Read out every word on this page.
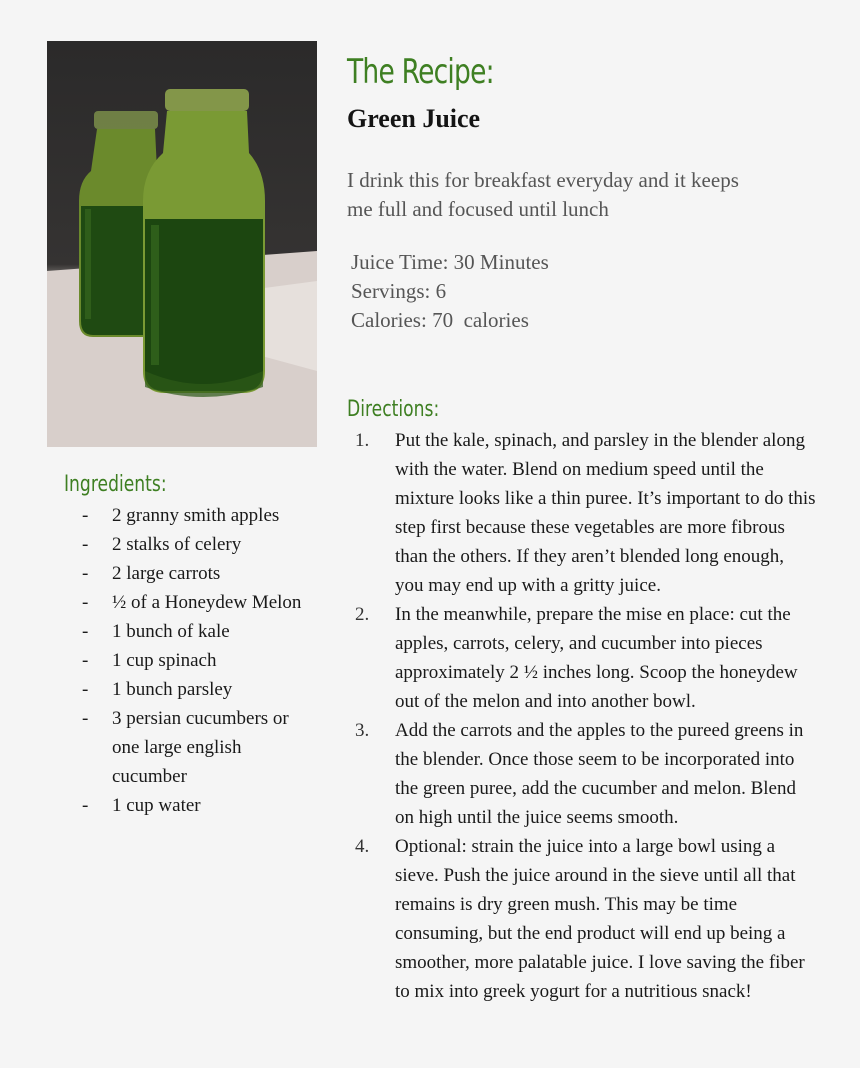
The Recipe:
Green Juice

I drink this for breakfast everyday and it keeps me full and focused until lunch

Juice Time: 30 Minutes
Servings: 6
Calories: 70  calories
Ingredients:
- 2 granny smith apples
- 2 stalks of celery
- 2 large carrots
- ½ of a Honeydew Melon
- 1 bunch of kale
- 1 cup spinach
- 1 bunch parsley
- 3 persian cucumbers or one large english cucumber
- 1 cup water
Directions:
1. Put the kale, spinach, and parsley in the blender along with the water. Blend on medium speed until the mixture looks like a thin puree. It’s important to do this step first because these vegetables are more fibrous than the others. If they aren’t blended long enough, you may end up with a gritty juice.
2. In the meanwhile, prepare the mise en place: cut the apples, carrots, celery, and cucumber into pieces approximately 2 ½ inches long. Scoop the honeydew out of the melon and into another bowl.
3. Add the carrots and the apples to the pureed greens in the blender. Once those seem to be incorporated into the green puree, add the cucumber and melon. Blend on high until the juice seems smooth.
4. Optional: strain the juice into a large bowl using a sieve. Push the juice around in the sieve until all that remains is dry green mush. This may be time consuming, but the end product will end up being a smoother, more palatable juice. I love saving the fiber to mix into greek yogurt for a nutritious snack!
